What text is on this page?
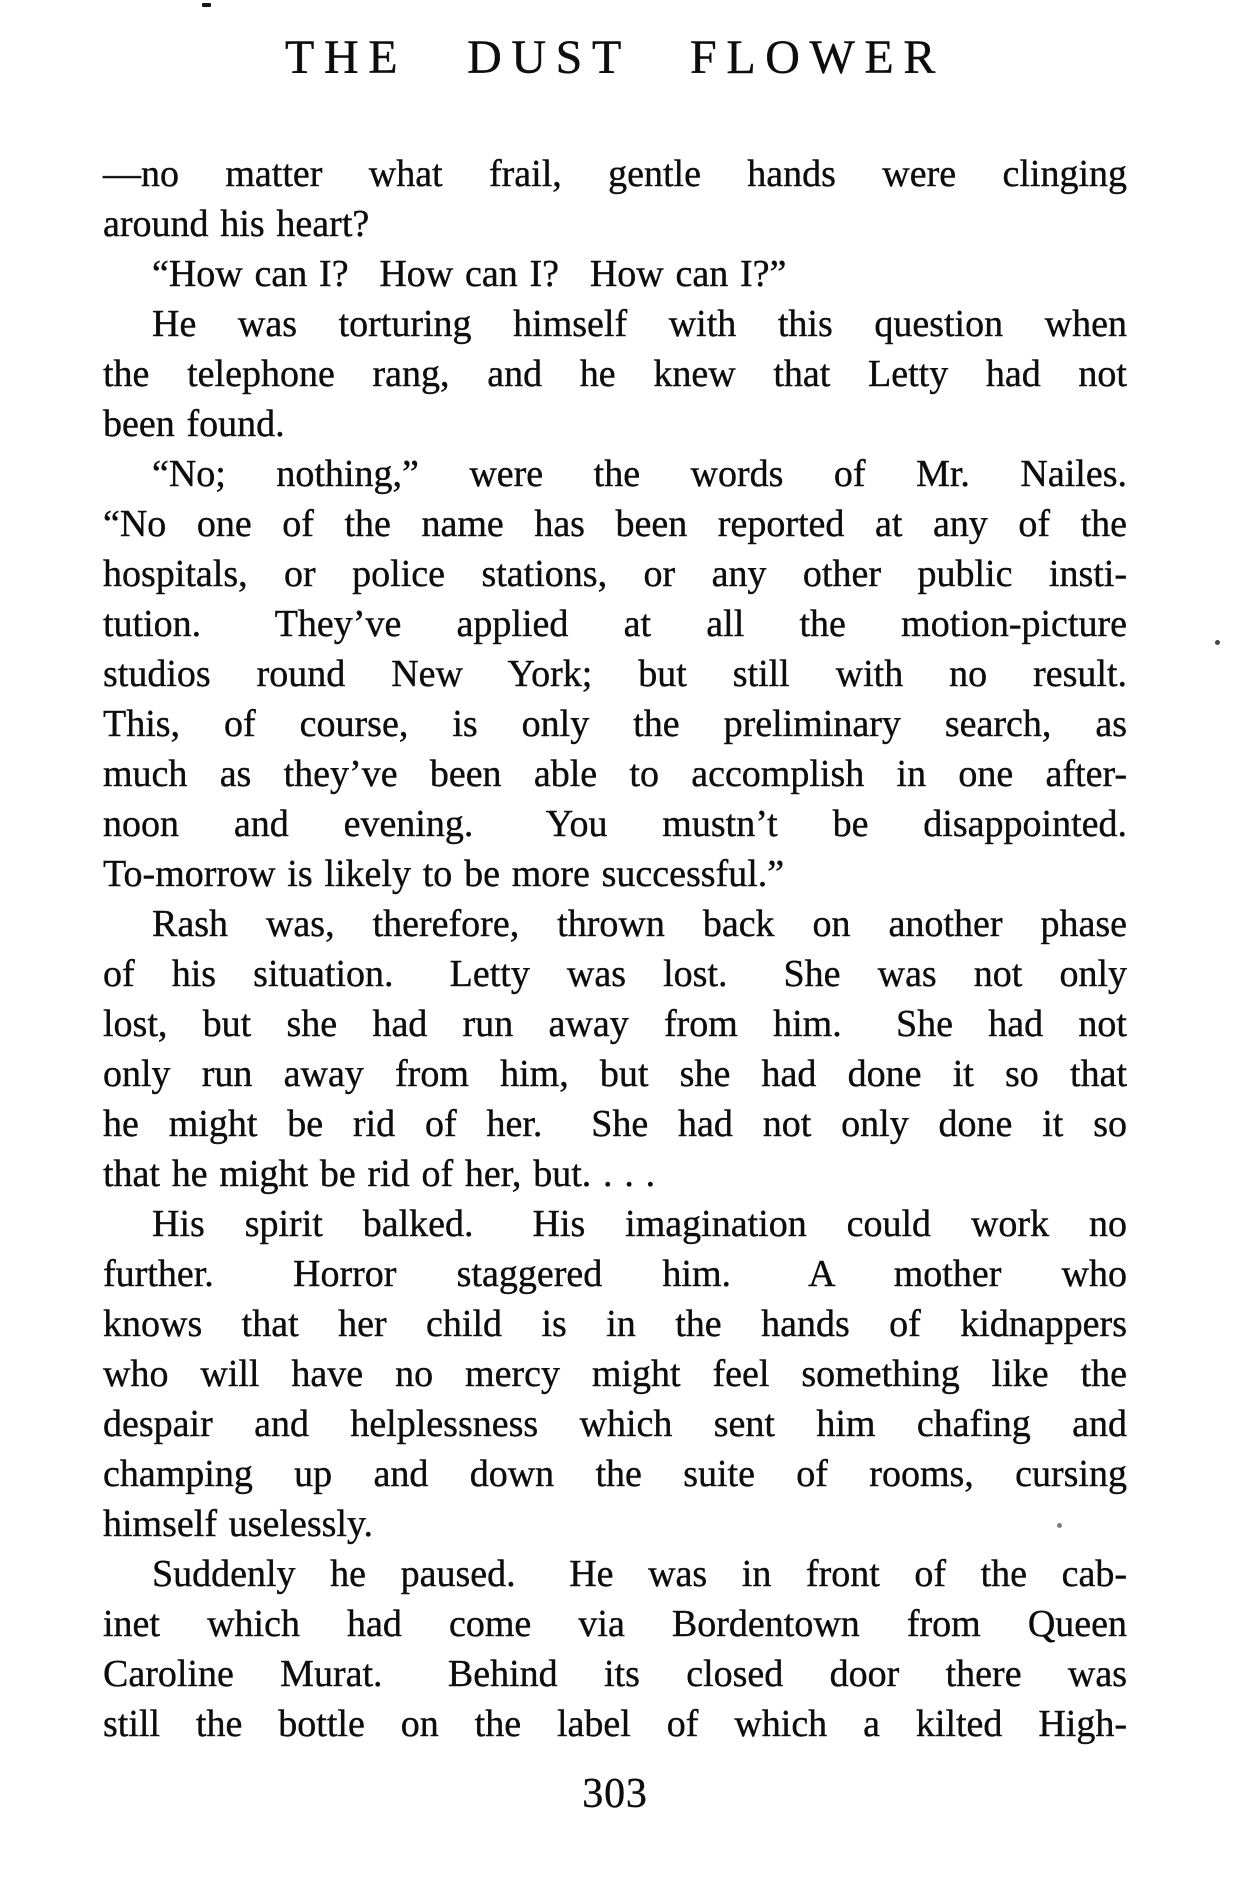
THE DUST FLOWER
—no matter what frail, gentle hands were clinging
around his heart?
“How can I?  How can I?  How can I?”
He was torturing himself with this question when
the telephone rang, and he knew that Letty had not
been found.
“No; nothing,” were the words of Mr. Nailes.
“No one of the name has been reported at any of the
hospitals, or police stations, or any other public insti-
tution.  They’ve applied at all the motion-picture
studios round New York; but still with no result.
This, of course, is only the preliminary search, as
much as they’ve been able to accomplish in one after-
noon and evening.  You mustn’t be disappointed.
To-morrow is likely to be more successful.”
Rash was, therefore, thrown back on another phase
of his situation.  Letty was lost.  She was not only
lost, but she had run away from him.  She had not
only run away from him, but she had done it so that
he might be rid of her.  She had not only done it so
that he might be rid of her, but. . . .
His spirit balked.  His imagination could work no
further.  Horror staggered him.  A mother who
knows that her child is in the hands of kidnappers
who will have no mercy might feel something like the
despair and helplessness which sent him chafing and
champing up and down the suite of rooms, cursing
himself uselessly.
Suddenly he paused.  He was in front of the cab-
inet which had come via Bordentown from Queen
Caroline Murat.  Behind its closed door there was
still the bottle on the label of which a kilted High-
303
